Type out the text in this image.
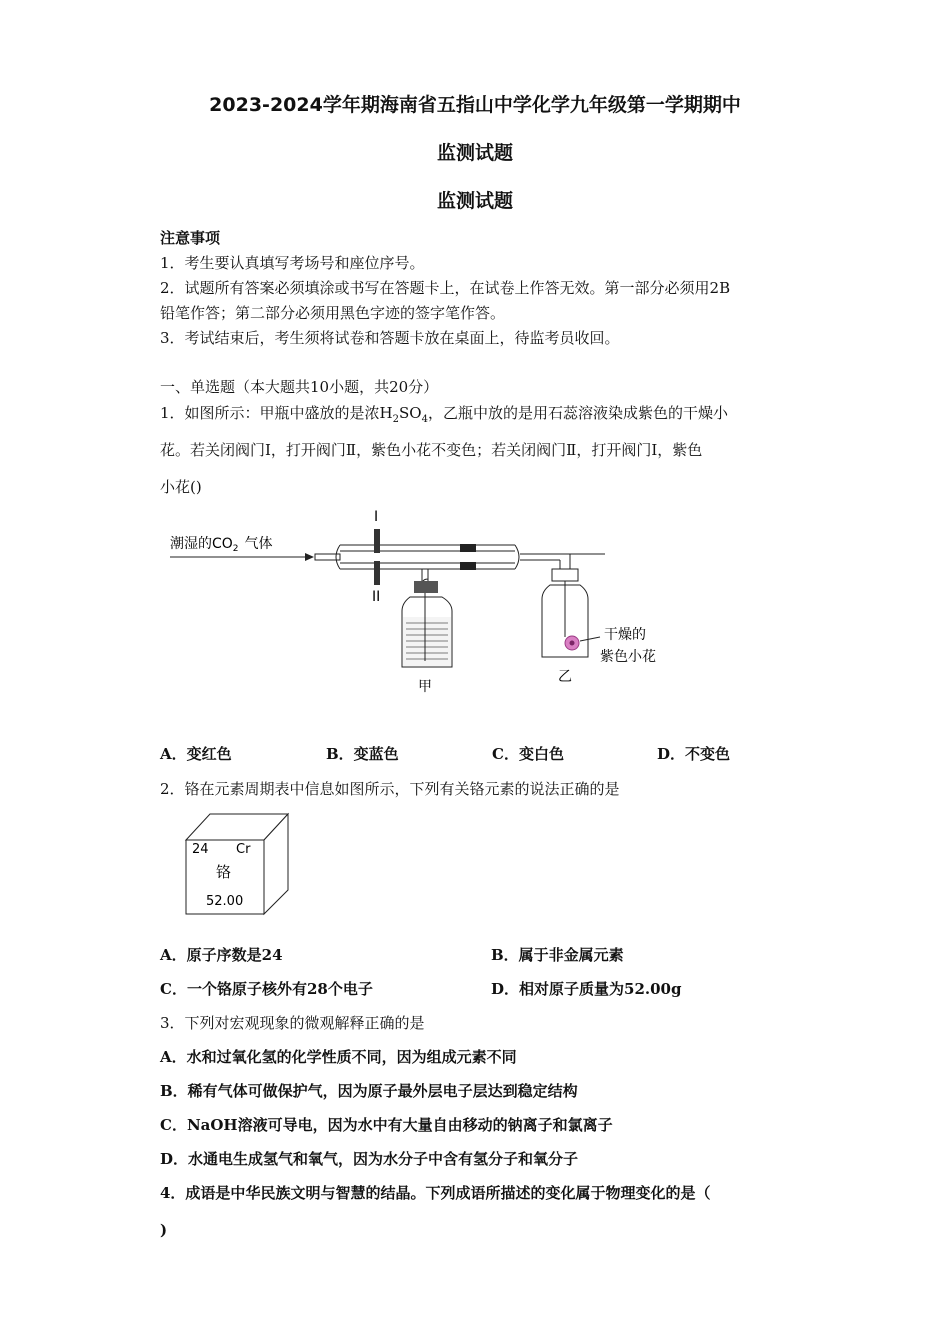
2023-2024学年期海南省五指山中学化学九年级第一学期期中
监测试题
监测试题
注意事项
1．考生要认真填写考场号和座位序号。
2．试题所有答案必须填涂或书写在答题卡上，在试卷上作答无效。第一部分必须用2B
铅笔作答；第二部分必须用黑色字迹的签字笔作答。
3．考试结束后，考生须将试卷和答题卡放在桌面上，待监考员收回。
一、单选题（本大题共10小题，共20分）
1．如图所示：甲瓶中盛放的是浓$H_2SO_4$，乙瓶中放的是用石蕊溶液染成紫色的干燥小
花。若关闭阀门Ⅰ，打开阀门Ⅱ，紫色小花不变色；若关闭阀门Ⅱ，打开阀门Ⅰ，紫色
小花()
潮湿的$CO_2$ 气体
I
II
甲
干燥的
紫色小花
乙
A．变红色	B．变蓝色	C．变白色	D．不变色
2．铬在元素周期表中信息如图所示，下列有关铬元素的说法正确的是
24 Cr
铬
52.00
A．原子序数是24	B．属于非金属元素
C．一个铬原子核外有28个电子	D．相对原子质量为52.00g
3．下列对宏观现象的微观解释正确的是
A．水和过氧化氢的化学性质不同，因为组成元素不同
B．稀有气体可做保护气，因为原子最外层电子层达到稳定结构
C．NaOH溶液可导电，因为水中有大量自由移动的钠离子和氯离子
D．水通电生成氢气和氧气，因为水分子中含有氢分子和氧分子
4．成语是中华民族文明与智慧的结晶。下列成语所描述的变化属于物理变化的是（
)
